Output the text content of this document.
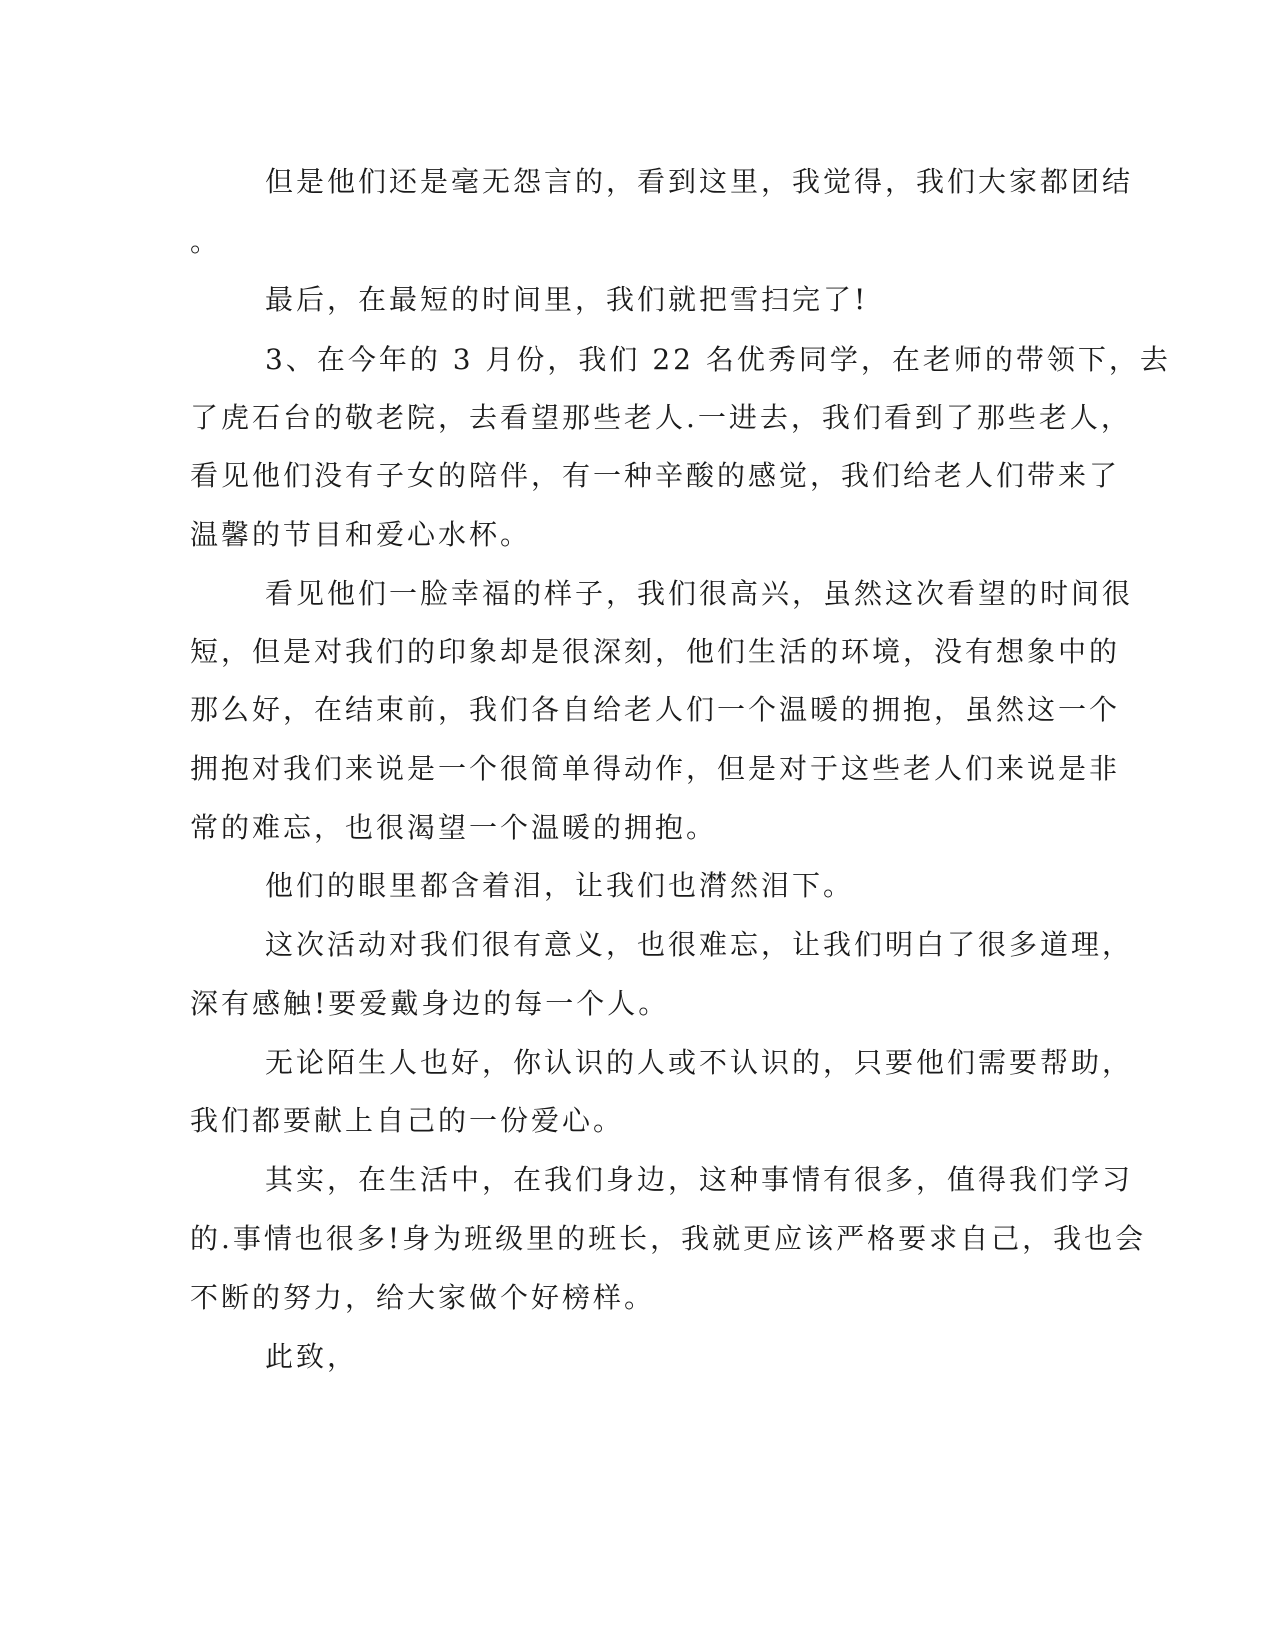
但是他们还是毫无怨言的，看到这里，我觉得，我们大家都团结
。
最后，在最短的时间里，我们就把雪扫完了!
3、在今年的 3 月份，我们 22 名优秀同学，在老师的带领下，去
了虎石台的敬老院，去看望那些老人.一进去，我们看到了那些老人，
看见他们没有子女的陪伴，有一种辛酸的感觉，我们给老人们带来了
温馨的节目和爱心水杯。
看见他们一脸幸福的样子，我们很高兴，虽然这次看望的时间很
短，但是对我们的印象却是很深刻，他们生活的环境，没有想象中的
那么好，在结束前，我们各自给老人们一个温暖的拥抱，虽然这一个
拥抱对我们来说是一个很简单得动作，但是对于这些老人们来说是非
常的难忘，也很渴望一个温暖的拥抱。
他们的眼里都含着泪，让我们也潸然泪下。
这次活动对我们很有意义，也很难忘，让我们明白了很多道理，
深有感触!要爱戴身边的每一个人。
无论陌生人也好，你认识的人或不认识的，只要他们需要帮助，
我们都要献上自己的一份爱心。
其实，在生活中，在我们身边，这种事情有很多，值得我们学习
的.事情也很多!身为班级里的班长，我就更应该严格要求自己，我也会
不断的努力，给大家做个好榜样。
此致，
